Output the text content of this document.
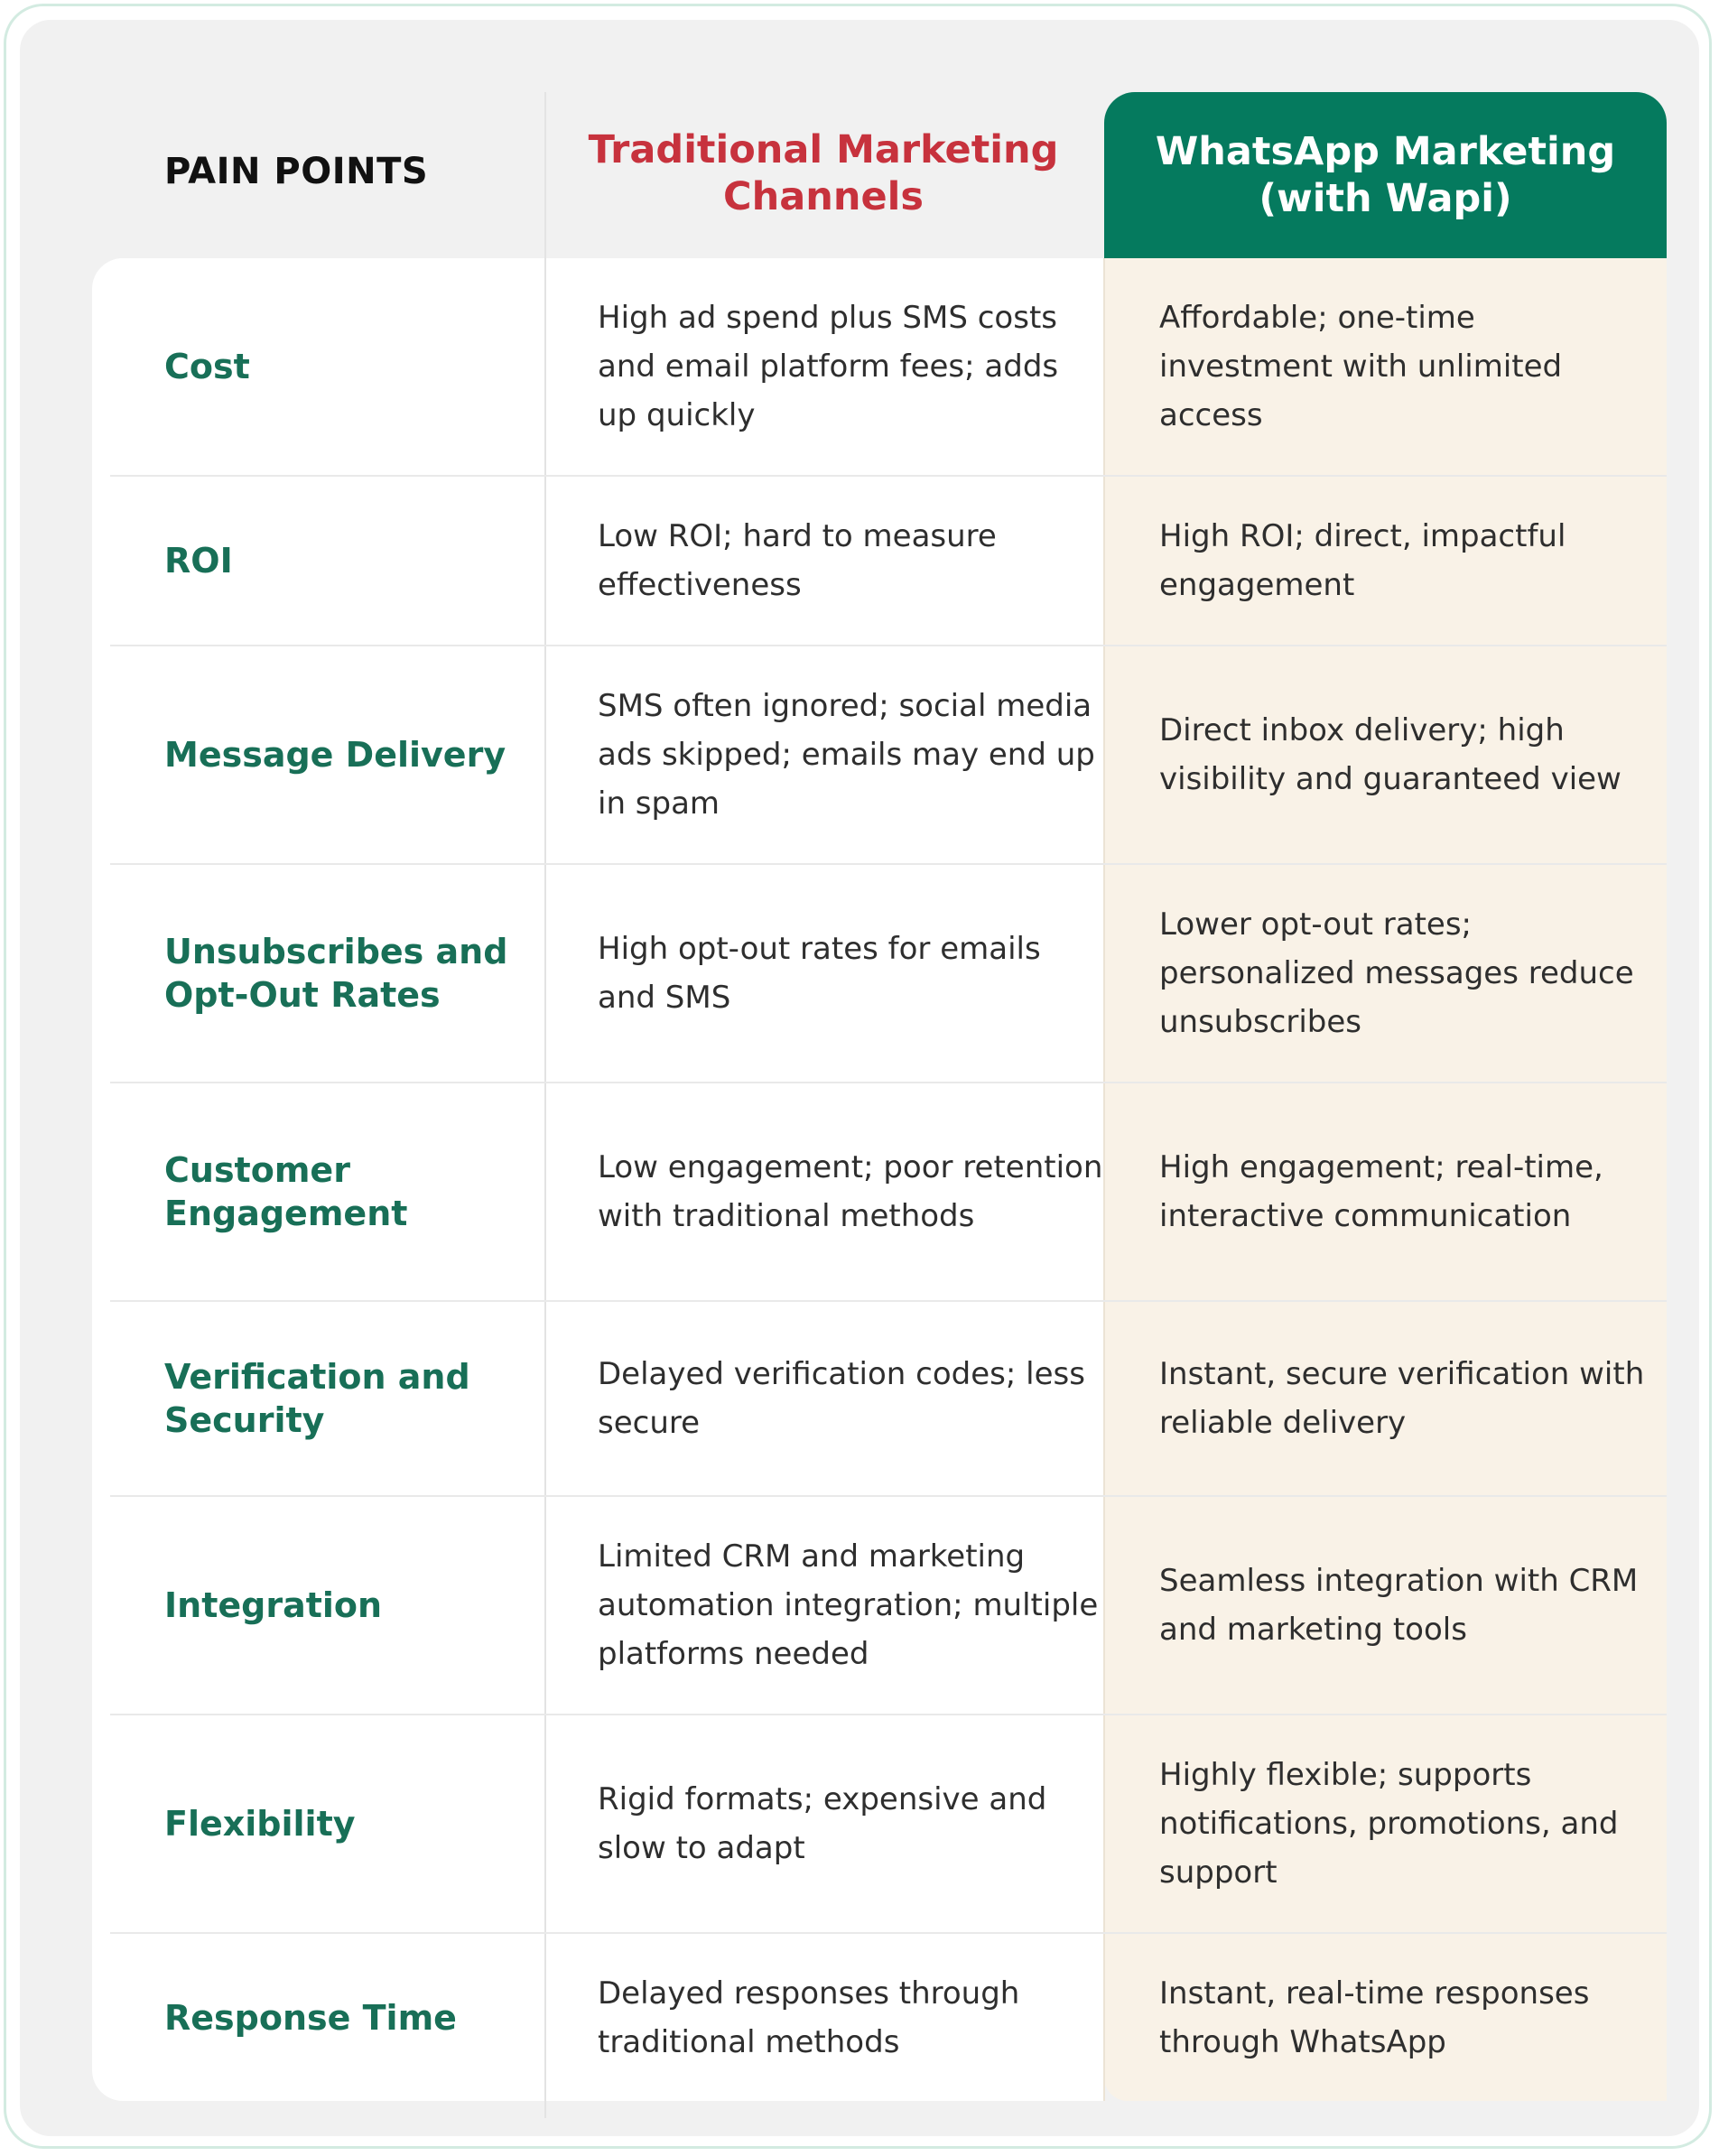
PAIN POINTS	Traditional Marketing Channels
WhatsApp Marketing (with Wapi)
Cost
High ad spend plus SMS costs and email platform fees; adds up quickly
Affordable; one-time investment with unlimited access
ROI
Low ROI; hard to measure effectiveness
High ROI; direct, impactful engagement
Message Delivery
SMS often ignored; social media ads skipped; emails may end up in spam
Direct inbox delivery; high visibility and guaranteed view
Unsubscribes and Opt-Out Rates
High opt-out rates for emails and SMS
Lower opt-out rates; personalized messages reduce unsubscribes
Customer Engagement
Low engagement; poor retention with traditional methods
High engagement; real-time, interactive communication
Verification and Security
Delayed verification codes; less secure
Instant, secure verification with reliable delivery
Integration
Limited CRM and marketing automation integration; multiple platforms needed
Seamless integration with CRM and marketing tools
Flexibility
Rigid formats; expensive and slow to adapt
Highly flexible; supports notifications, promotions, and support
Response Time
Delayed responses through traditional methods
Instant, real-time responses through WhatsApp
